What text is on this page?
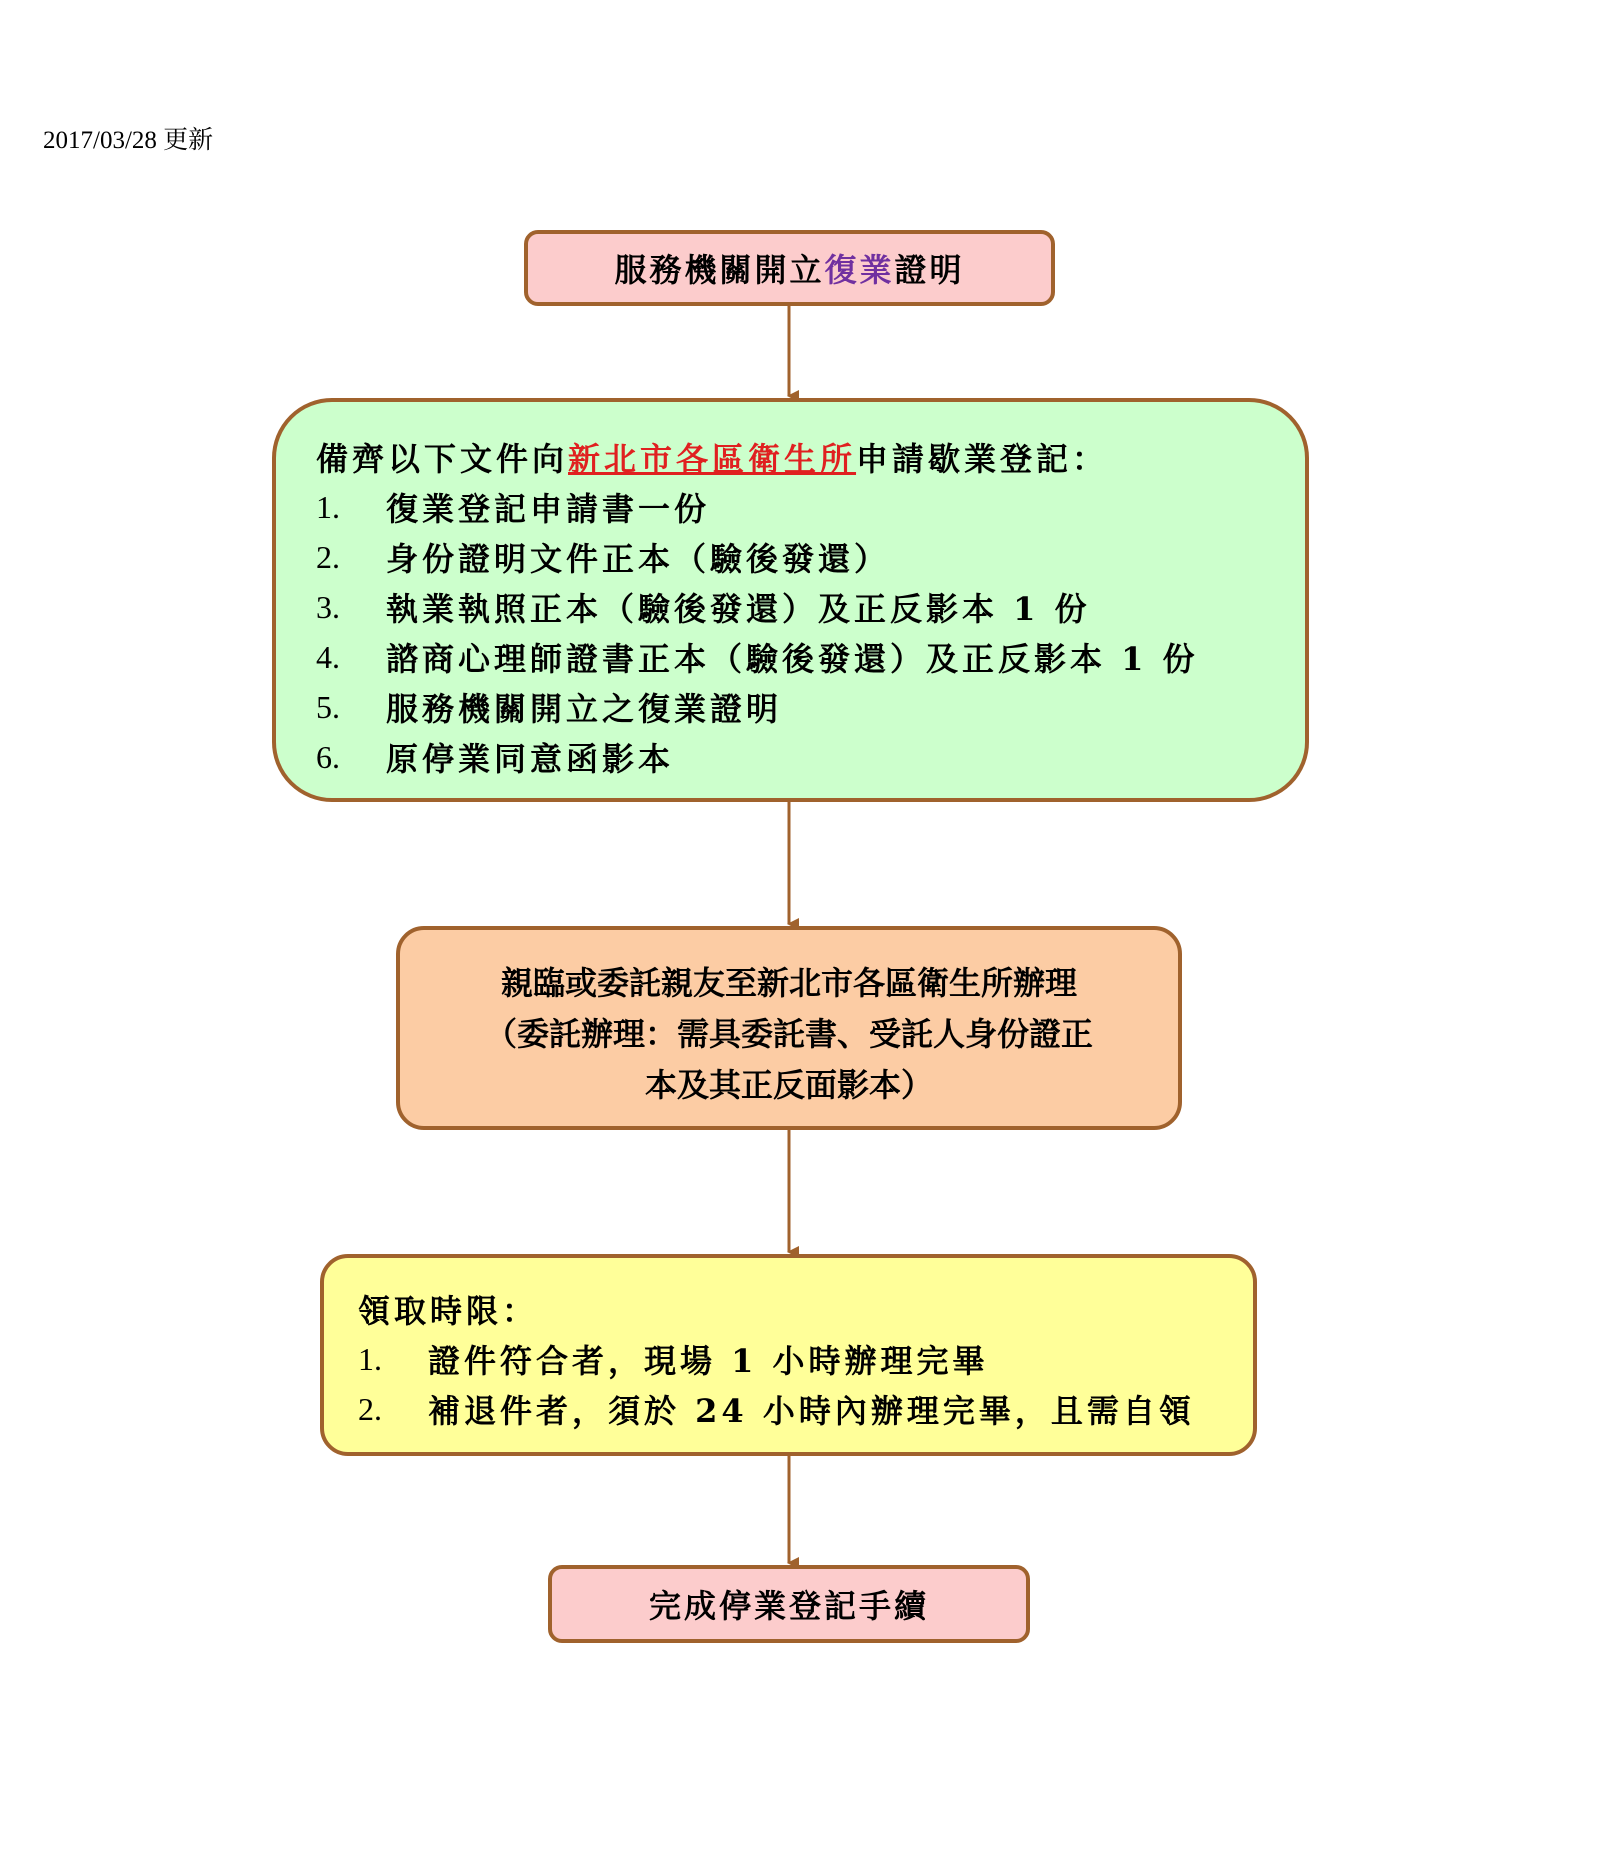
2017/03/28 更新
服務機關開立 復業 證明
備齊以下文件向 新北市各區衛生所 申請歇業登記：
1.	復業登記申請書一份
2.	身份證明文件正本（驗後發還）
3.	執業執照正本（驗後發還）及正反影本 1 份
4.	諮商心理師證書正本（驗後發還）及正反影本 1 份
5.	服務機關開立之復業證明
6.	原停業同意函影本
親臨或委託親友至新北市各區衛生所辦理
（委託辦理：需具委託書、受託人身份證正
本及其正反面影本）
領取時限：
1.	證件符合者，現場 1 小時辦理完畢
2.	補退件者，須於 24 小時內辦理完畢，且需自領
完成停業登記手續
